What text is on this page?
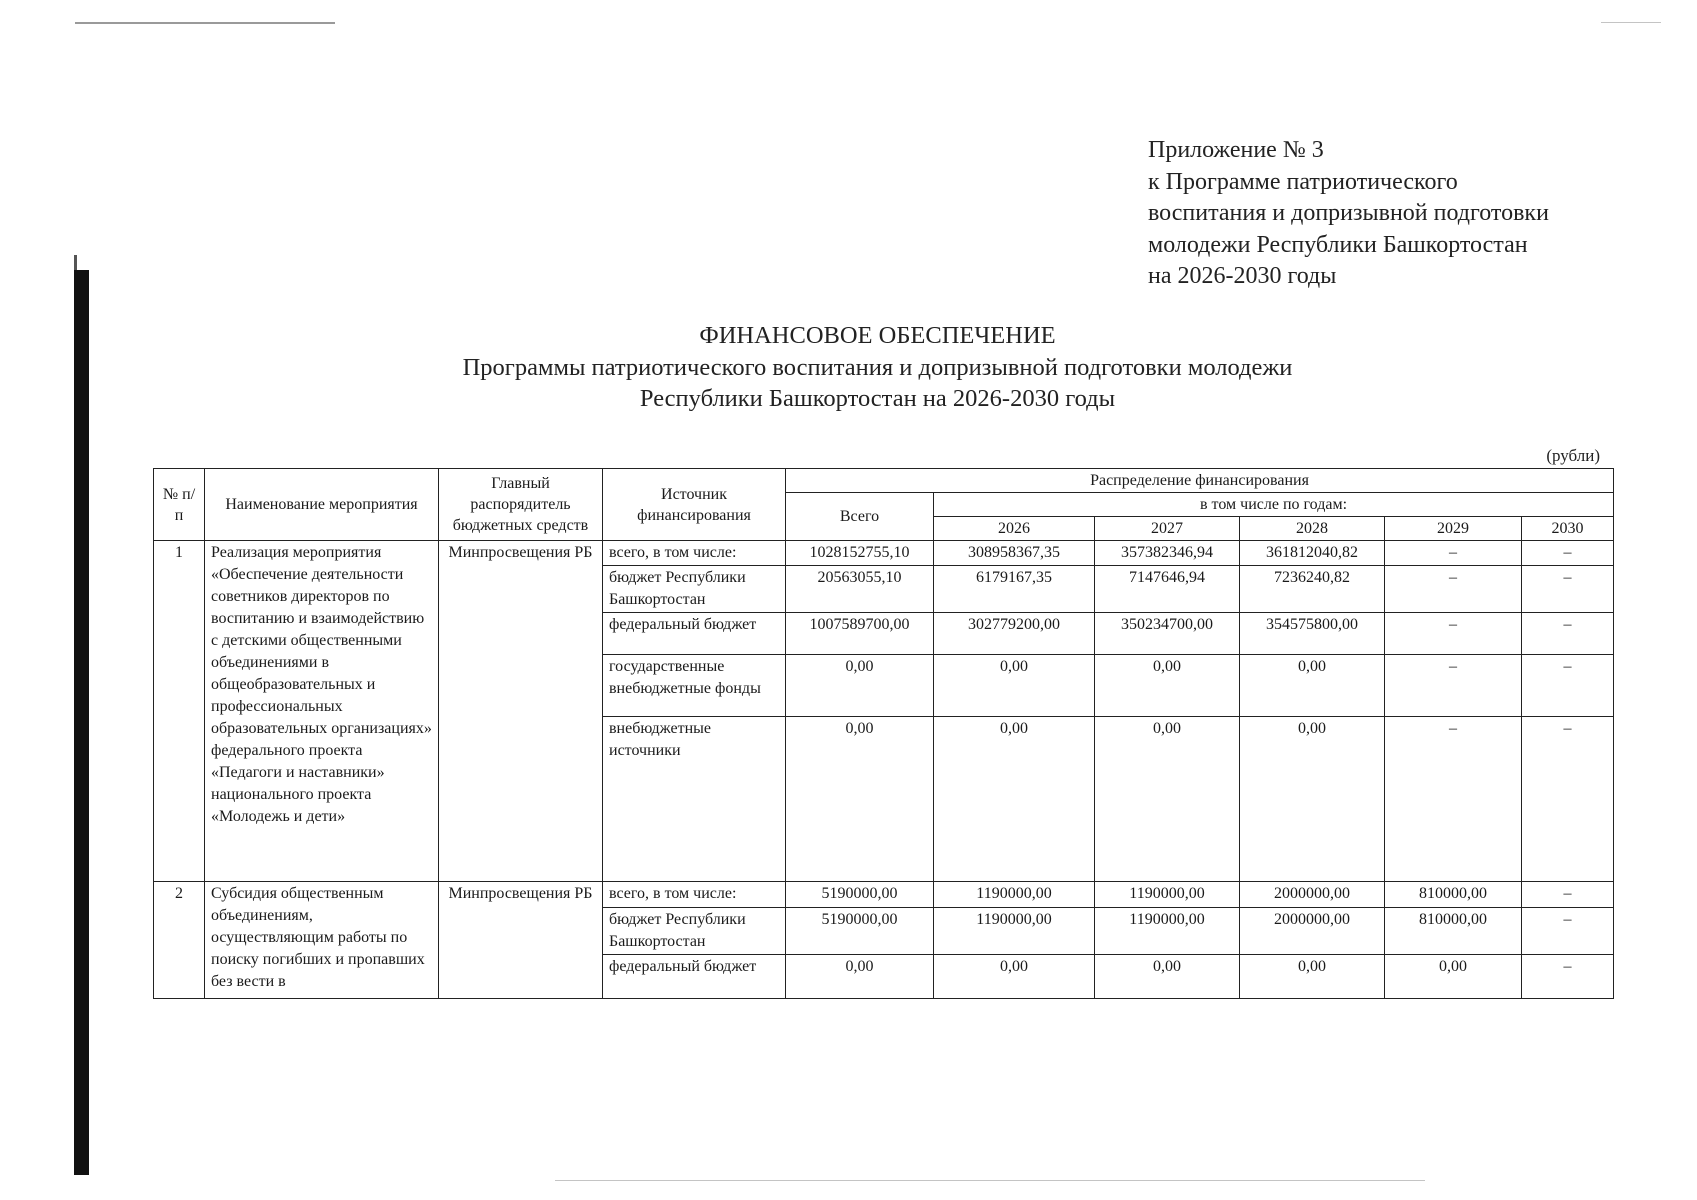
Приложение № 3
к Программе патриотического
воспитания и допризывной подготовки
молодежи Республики Башкортостан
на 2026-2030 годы
ФИНАНСОВОЕ ОБЕСПЕЧЕНИЕ
Программы патриотического воспитания и допризывной подготовки молодежи
Республики Башкортостан на 2026-2030 годы
(рубли)
№ п/п	Наименование мероприятия	Главный распорядитель бюджетных средств	Источник финансирования	Распределение финансирования					
				Всего	в том числе по годам:				
					2026	2027	2028	2029	2030
1	Реализация мероприятия «Обеспечение деятельности советников директоров по воспитанию и взаимодействию с детскими общественными объединениями в общеобразовательных и профессиональных образовательных организациях» федерального проекта «Педагоги и наставники» национального проекта «Молодежь и дети»	Минпросвещения РБ	всего, в том числе:	1028152755,10	308958367,35	357382346,94	361812040,82	–	–
			бюджет Республики Башкортостан	20563055,10	6179167,35	7147646,94	7236240,82	–	–
			федеральный бюджет	1007589700,00	302779200,00	350234700,00	354575800,00	–	–
			государственные внебюджетные фонды	0,00	0,00	0,00	0,00	–	–
			внебюджетные источники	0,00	0,00	0,00	0,00	–	–
2	Субсидия общественным объединениям, осуществляющим работы по поиску погибших и пропавших без вести в	Минпросвещения РБ	всего, в том числе:	5190000,00	1190000,00	1190000,00	2000000,00	810000,00	–
			бюджет Республики Башкортостан	5190000,00	1190000,00	1190000,00	2000000,00	810000,00	–
			федеральный бюджет	0,00	0,00	0,00	0,00	0,00	–
